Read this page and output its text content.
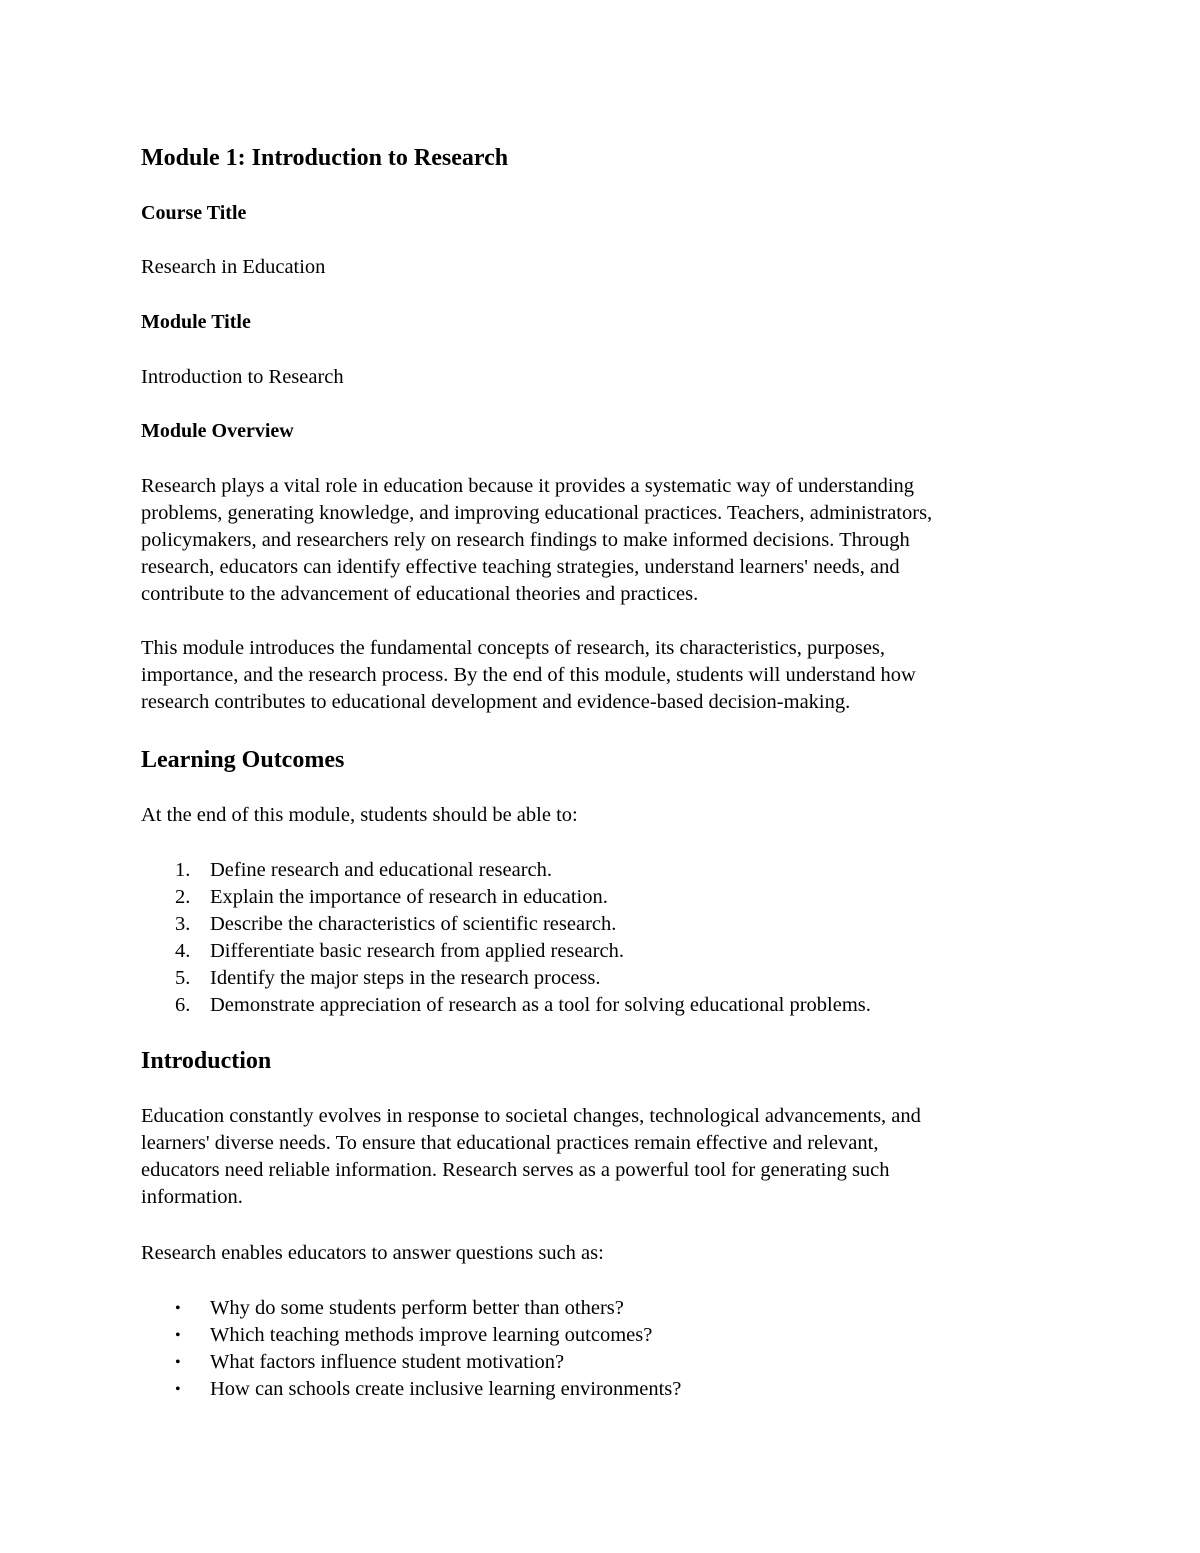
Module 1: Introduction to Research
Course Title
Research in Education
Module Title
Introduction to Research
Module Overview
Research plays a vital role in education because it provides a systematic way of understanding
problems, generating knowledge, and improving educational practices. Teachers, administrators,
policymakers, and researchers rely on research findings to make informed decisions. Through
research, educators can identify effective teaching strategies, understand learners' needs, and
contribute to the advancement of educational theories and practices.
This module introduces the fundamental concepts of research, its characteristics, purposes,
importance, and the research process. By the end of this module, students will understand how
research contributes to educational development and evidence-based decision-making.
Learning Outcomes
At the end of this module, students should be able to:
1. Define research and educational research.
2. Explain the importance of research in education.
3. Describe the characteristics of scientific research.
4. Differentiate basic research from applied research.
5. Identify the major steps in the research process.
6. Demonstrate appreciation of research as a tool for solving educational problems.
Introduction
Education constantly evolves in response to societal changes, technological advancements, and
learners' diverse needs. To ensure that educational practices remain effective and relevant,
educators need reliable information. Research serves as a powerful tool for generating such
information.
Research enables educators to answer questions such as:
• Why do some students perform better than others?
• Which teaching methods improve learning outcomes?
• What factors influence student motivation?
• How can schools create inclusive learning environments?
